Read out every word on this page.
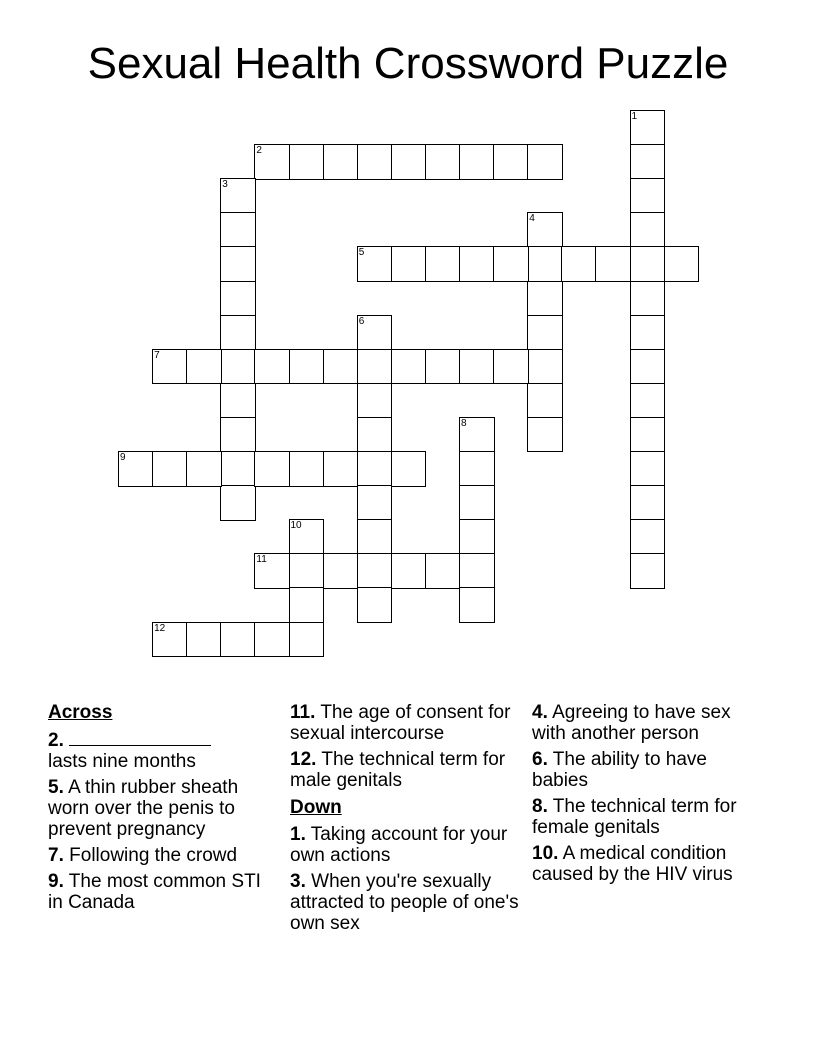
Sexual Health Crossword Puzzle
1
2
3
4
5
6
7
8
9
10
11
12
Across
2.
lasts nine months
5. A thin rubber sheath worn over the penis to prevent pregnancy
7. Following the crowd
9. The most common STI in Canada
11. The age of consent for sexual intercourse
12. The technical term for male genitals
Down
1. Taking account for your own actions
3. When you're sexually attracted to people of one's own sex
4. Agreeing to have sex with another person
6. The ability to have babies
8. The technical term for female genitals
10. A medical condition caused by the HIV virus
